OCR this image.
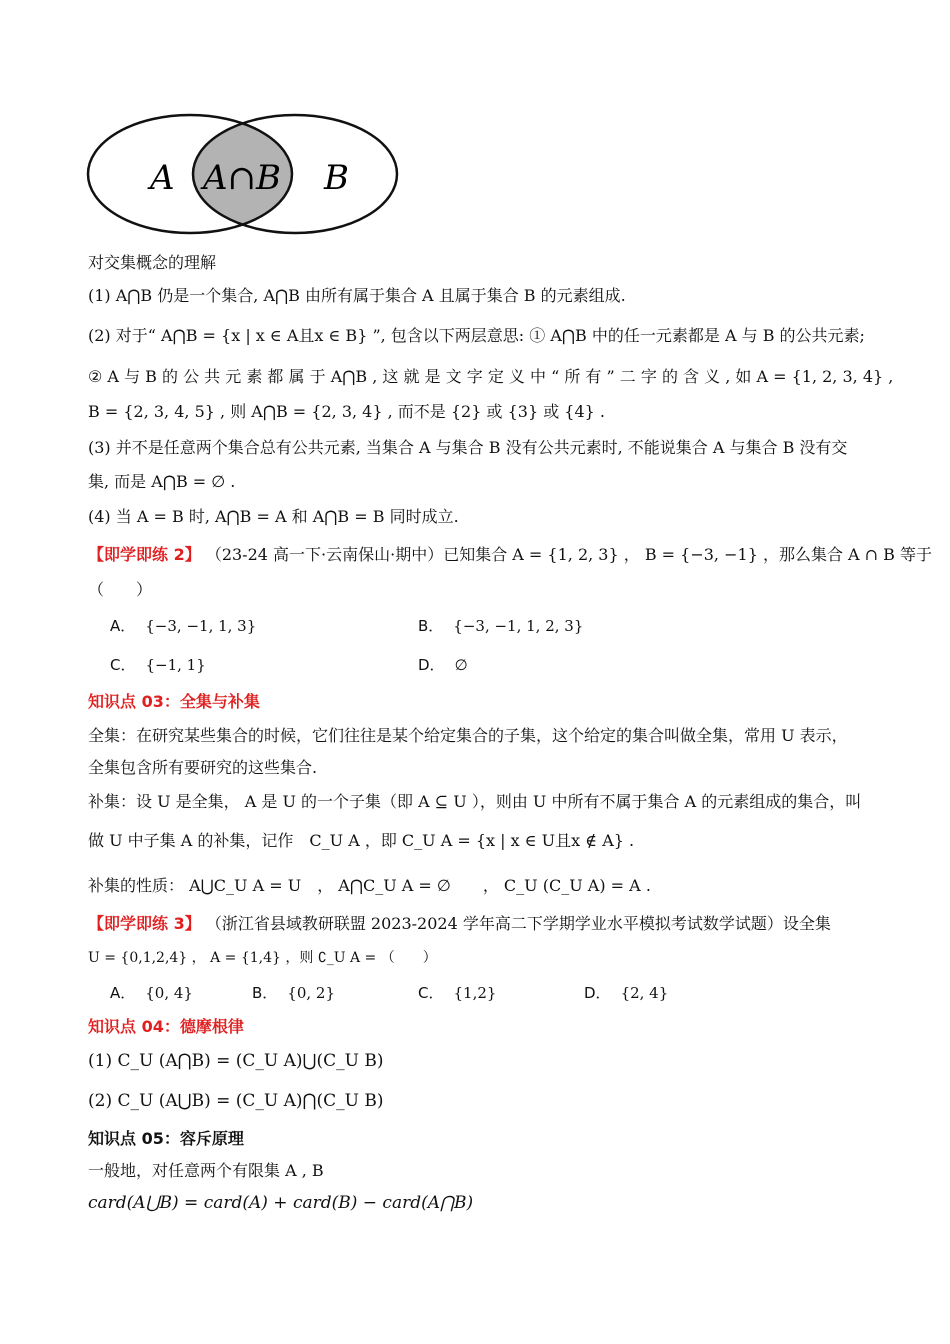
A A∩B B
对交集概念的理解
(1) A⋂B 仍是一个集合, A⋂B 由所有属于集合 A 且属于集合 B 的元素组成.
(2) 对于“ A⋂B = {x | x ∈ A且x ∈ B} ”, 包含以下两层意思: ① A⋂B 中的任一元素都是 A 与 B 的公共元素;
② A 与 B 的 公 共 元 素 都 属 于 A⋂B , 这 就 是 文 字 定 义 中 “ 所 有 ” 二 字 的 含 义 , 如 A = {1, 2, 3, 4} ,
B = {2, 3, 4, 5} , 则 A⋂B = {2, 3, 4} , 而不是 {2} 或 {3} 或 {4} .
(3) 并不是任意两个集合总有公共元素, 当集合 A 与集合 B 没有公共元素时, 不能说集合 A 与集合 B 没有交
集, 而是 A⋂B = ∅ .
(4) 当 A = B 时, A⋂B = A 和 A⋂B = B 同时成立.
【即学即练 2】 （23-24 高一下·云南保山·期中）已知集合 A = {1, 2, 3} ， B = {−3, −1} ，那么集合 A ∩ B 等于
（　　）
A． {−3, −1, 1, 3}	B． {−3, −1, 1, 2, 3}
C． {−1, 1}	D． ∅
知识点 03：全集与补集
全集：在研究某些集合的时候，它们往往是某个给定集合的子集，这个给定的集合叫做全集，常用 U 表示，
全集包含所有要研究的这些集合.
补集：设 U 是全集， A 是 U 的一个子集（即 A ⊆ U ），则由 U 中所有不属于集合 A 的元素组成的集合，叫
做 U 中子集 A 的补集，记作　C_U A ，即 C_U A = {x | x ∈ U且x ∉ A} .
补集的性质： A⋃C_U A = U　， A⋂C_U A = ∅　　， C_U (C_U A) = A .
【即学即练 3】 （浙江省县域教研联盟 2023-2024 学年高二下学期学业水平模拟考试数学试题）设全集
U = {0,1,2,4} ， A = {1,4} ，则 ∁_U A = （　　）
A． {0, 4}	B． {0, 2}	C． {1,2}	D． {2, 4}
知识点 04：德摩根律
(1) C_U (A⋂B) = (C_U A)⋃(C_U B)
(2) C_U (A⋃B) = (C_U A)⋂(C_U B)
知识点 05：容斥原理
一般地，对任意两个有限集 A , B
card(A⋃B) = card(A) + card(B) − card(A⋂B)
